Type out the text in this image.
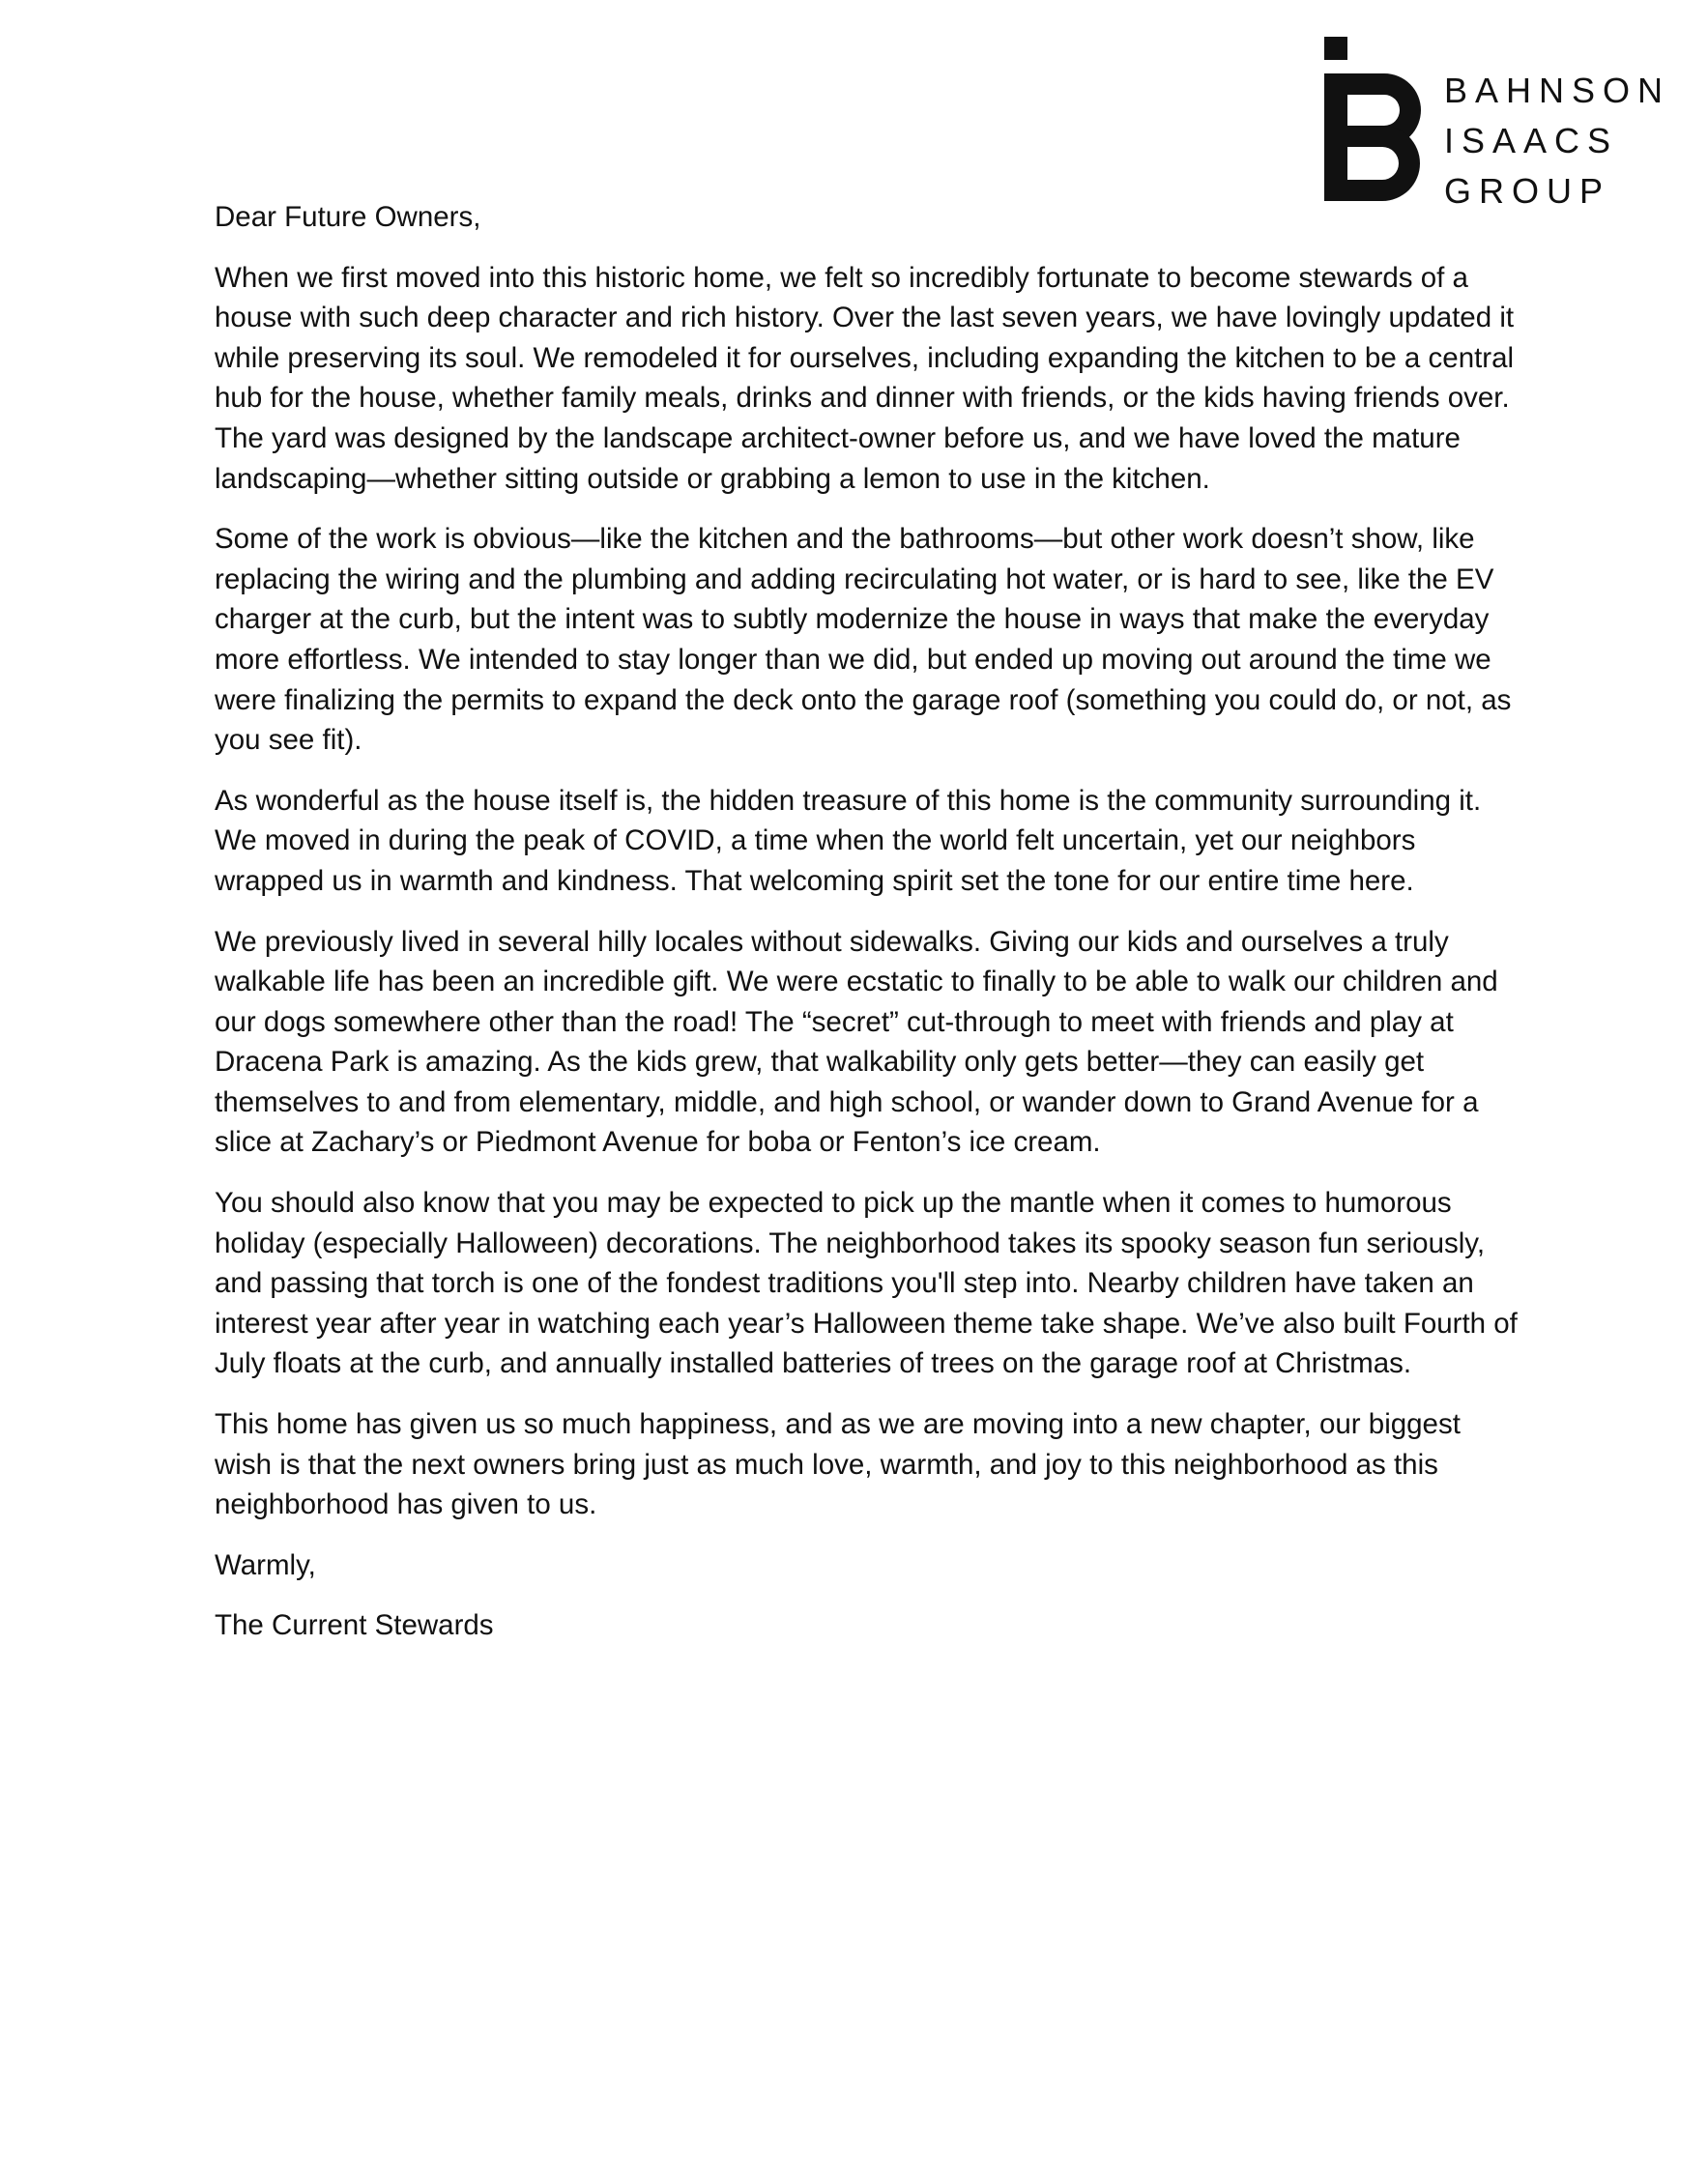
BAHNSON
ISAACS
GROUP

Dear Future Owners,

When we first moved into this historic home, we felt so incredibly fortunate to become stewards of a house with such deep character and rich history. Over the last seven years, we have lovingly updated it while preserving its soul. We remodeled it for ourselves, including expanding the kitchen to be a central hub for the house, whether family meals, drinks and dinner with friends, or the kids having friends over. The yard was designed by the landscape architect-owner before us, and we have loved the mature landscaping—whether sitting outside or grabbing a lemon to use in the kitchen.

Some of the work is obvious—like the kitchen and the bathrooms—but other work doesn’t show, like replacing the wiring and the plumbing and adding recirculating hot water, or is hard to see, like the EV charger at the curb, but the intent was to subtly modernize the house in ways that make the everyday more effortless. We intended to stay longer than we did, but ended up moving out around the time we were finalizing the permits to expand the deck onto the garage roof (something you could do, or not, as you see fit).

As wonderful as the house itself is, the hidden treasure of this home is the community surrounding it. We moved in during the peak of COVID, a time when the world felt uncertain, yet our neighbors wrapped us in warmth and kindness. That welcoming spirit set the tone for our entire time here.

We previously lived in several hilly locales without sidewalks. Giving our kids and ourselves a truly walkable life has been an incredible gift. We were ecstatic to finally to be able to walk our children and our dogs somewhere other than the road! The “secret” cut-through to meet with friends and play at Dracena Park is amazing. As the kids grew, that walkability only gets better—they can easily get themselves to and from elementary, middle, and high school, or wander down to Grand Avenue for a slice at Zachary’s or Piedmont Avenue for boba or Fenton’s ice cream.

You should also know that you may be expected to pick up the mantle when it comes to humorous holiday (especially Halloween) decorations. The neighborhood takes its spooky season fun seriously, and passing that torch is one of the fondest traditions you'll step into. Nearby children have taken an interest year after year in watching each year’s Halloween theme take shape. We’ve also built Fourth of July floats at the curb, and annually installed batteries of trees on the garage roof at Christmas.

This home has given us so much happiness, and as we are moving into a new chapter, our biggest wish is that the next owners bring just as much love, warmth, and joy to this neighborhood as this neighborhood has given to us.

Warmly,

The Current Stewards
